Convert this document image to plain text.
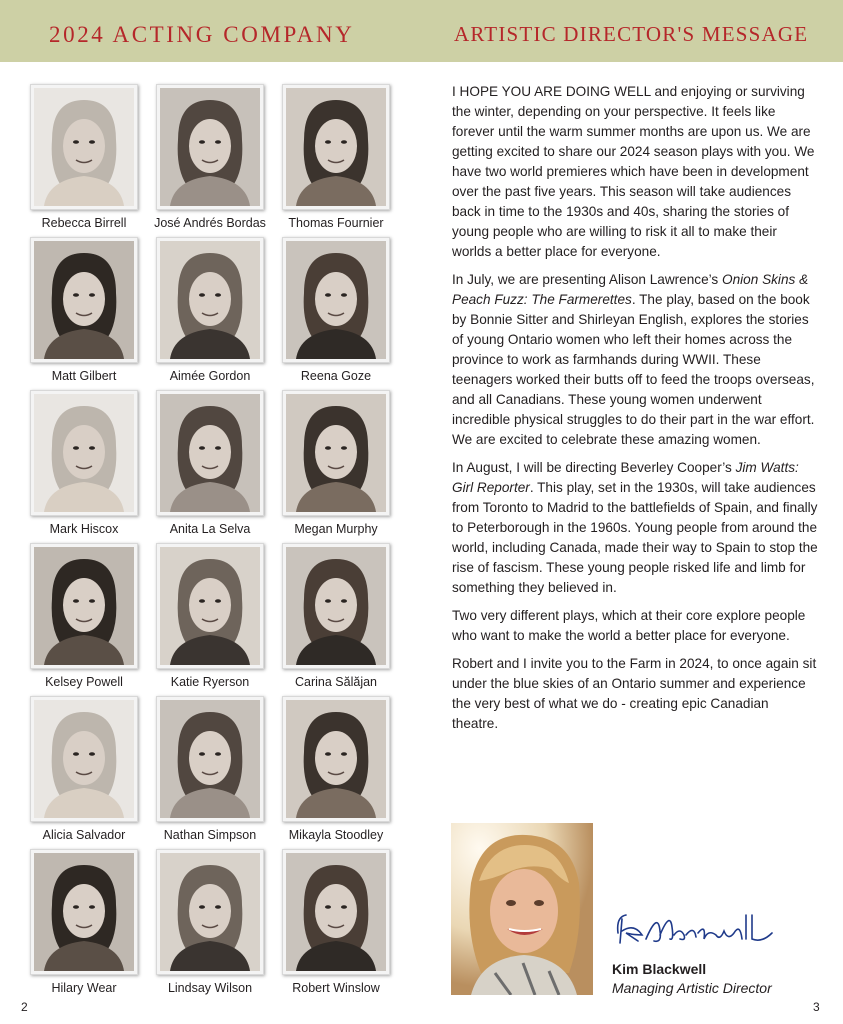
2024 ACTING COMPANY	ARTISTIC DIRECTOR'S MESSAGE
Rebecca Birrell	José Andrés Bordas	Thomas Fournier
Matt Gilbert	Aimée Gordon	Reena Goze
Mark Hiscox	Anita La Selva	Megan Murphy
Kelsey Powell	Katie Ryerson	Carina Sălăjan
Alicia Salvador	Nathan Simpson	Mikayla Stoodley
Hilary Wear	Lindsay Wilson	Robert Winslow

I HOPE YOU ARE DOING WELL and enjoying or surviving the winter, depending on your perspective. It feels like forever until the warm summer months are upon us. We are getting excited to share our 2024 season plays with you. We have two world premieres which have been in development over the past five years. This season will take audiences back in time to the 1930s and 40s, sharing the stories of young people who are willing to risk it all to make their worlds a better place for everyone.

In July, we are presenting Alison Lawrence’s Onion Skins & Peach Fuzz: The Farmerettes. The play, based on the book by Bonnie Sitter and Shirleyan English, explores the stories of young Ontario women who left their homes across the province to work as farmhands during WWII. These teenagers worked their butts off to feed the troops overseas, and all Canadians. These young women underwent incredible physical struggles to do their part in the war effort. We are excited to celebrate these amazing women.

In August, I will be directing Beverley Cooper’s Jim Watts: Girl Reporter. This play, set in the 1930s, will take audiences from Toronto to Madrid to the battlefields of Spain, and finally to Peterborough in the 1960s. Young people from around the world, including Canada, made their way to Spain to stop the rise of fascism. These young people risked life and limb for something they believed in.

Two very different plays, which at their core explore people who want to make the world a better place for everyone.

Robert and I invite you to the Farm in 2024, to once again sit under the blue skies of an Ontario summer and experience the very best of what we do - creating epic Canadian theatre.

Kim Blackwell
Managing Artistic Director
2	3
